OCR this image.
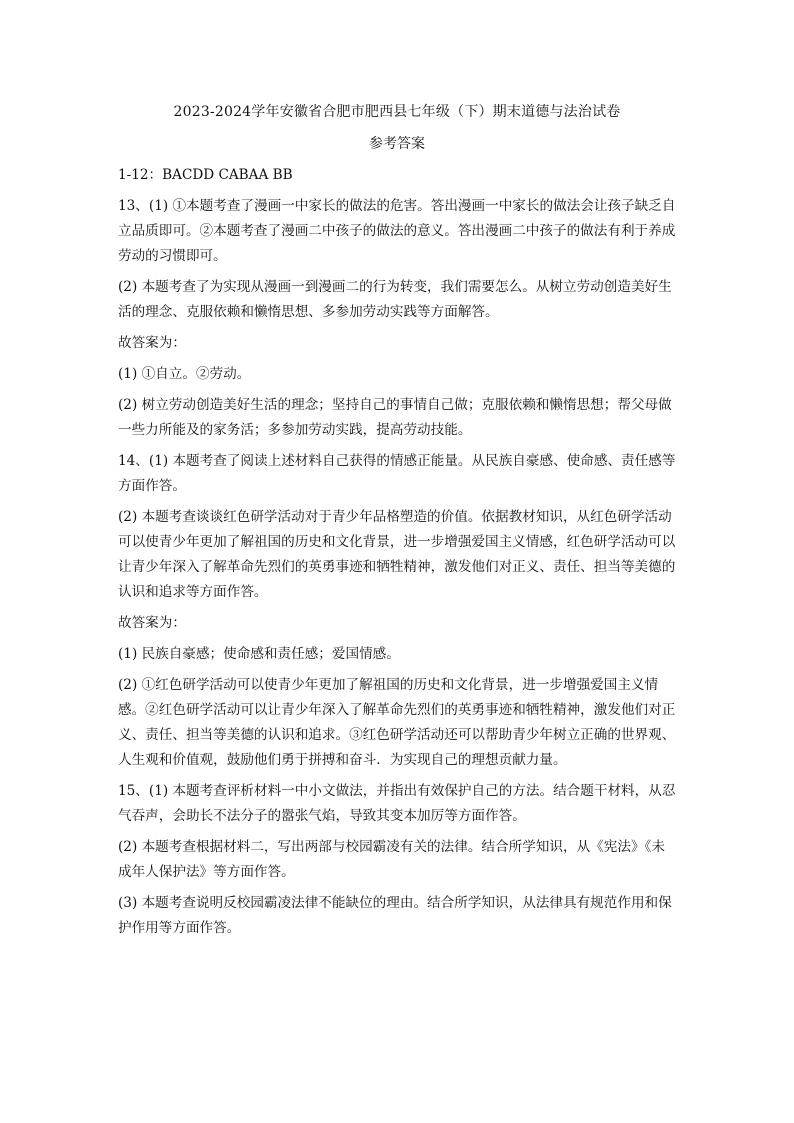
2023-2024学年安徽省合肥市肥西县七年级（下）期末道德与法治试卷
参考答案
1-12：BACDD CABAA BB
13、(1) ①本题考查了漫画一中家长的做法的危害。答出漫画一中家长的做法会让孩子缺乏自立品质即可。②本题考查了漫画二中孩子的做法的意义。答出漫画二中孩子的做法有利于养成劳动的习惯即可。
(2) 本题考查了为实现从漫画一到漫画二的行为转变，我们需要怎么。从树立劳动创造美好生活的理念、克服依赖和懒惰思想、多参加劳动实践等方面解答。
故答案为：
(1) ①自立。②劳动。
(2) 树立劳动创造美好生活的理念；坚持自己的事情自己做；克服依赖和懒惰思想；帮父母做一些力所能及的家务活；多参加劳动实践，提高劳动技能。
14、(1) 本题考查了阅读上述材料自己获得的情感正能量。从民族自豪感、使命感、责任感等方面作答。
(2) 本题考查谈谈红色研学活动对于青少年品格塑造的价值。依据教材知识，从红色研学活动可以使青少年更加了解祖国的历史和文化背景，进一步增强爱国主义情感，红色研学活动可以让青少年深入了解革命先烈们的英勇事迹和牺牲精神，激发他们对正义、责任、担当等美德的认识和追求等方面作答。
故答案为：
(1) 民族自豪感；使命感和责任感；爱国情感。
(2) ①红色研学活动可以使青少年更加了解祖国的历史和文化背景，进一步增强爱国主义情感。②红色研学活动可以让青少年深入了解革命先烈们的英勇事迹和牺牲精神，激发他们对正义、责任、担当等美德的认识和追求。③红色研学活动还可以帮助青少年树立正确的世界观、人生观和价值观，鼓励他们勇于拼搏和奋斗．为实现自己的理想贡献力量。
15、(1) 本题考查评析材料一中小文做法，并指出有效保护自己的方法。结合题干材料，从忍气吞声，会助长不法分子的嚣张气焰，导致其变本加厉等方面作答。
(2) 本题考查根据材料二，写出两部与校园霸凌有关的法律。结合所学知识，从《宪法》《未成年人保护法》等方面作答。
(3) 本题考查说明反校园霸凌法律不能缺位的理由。结合所学知识，从法律具有规范作用和保护作用等方面作答。
